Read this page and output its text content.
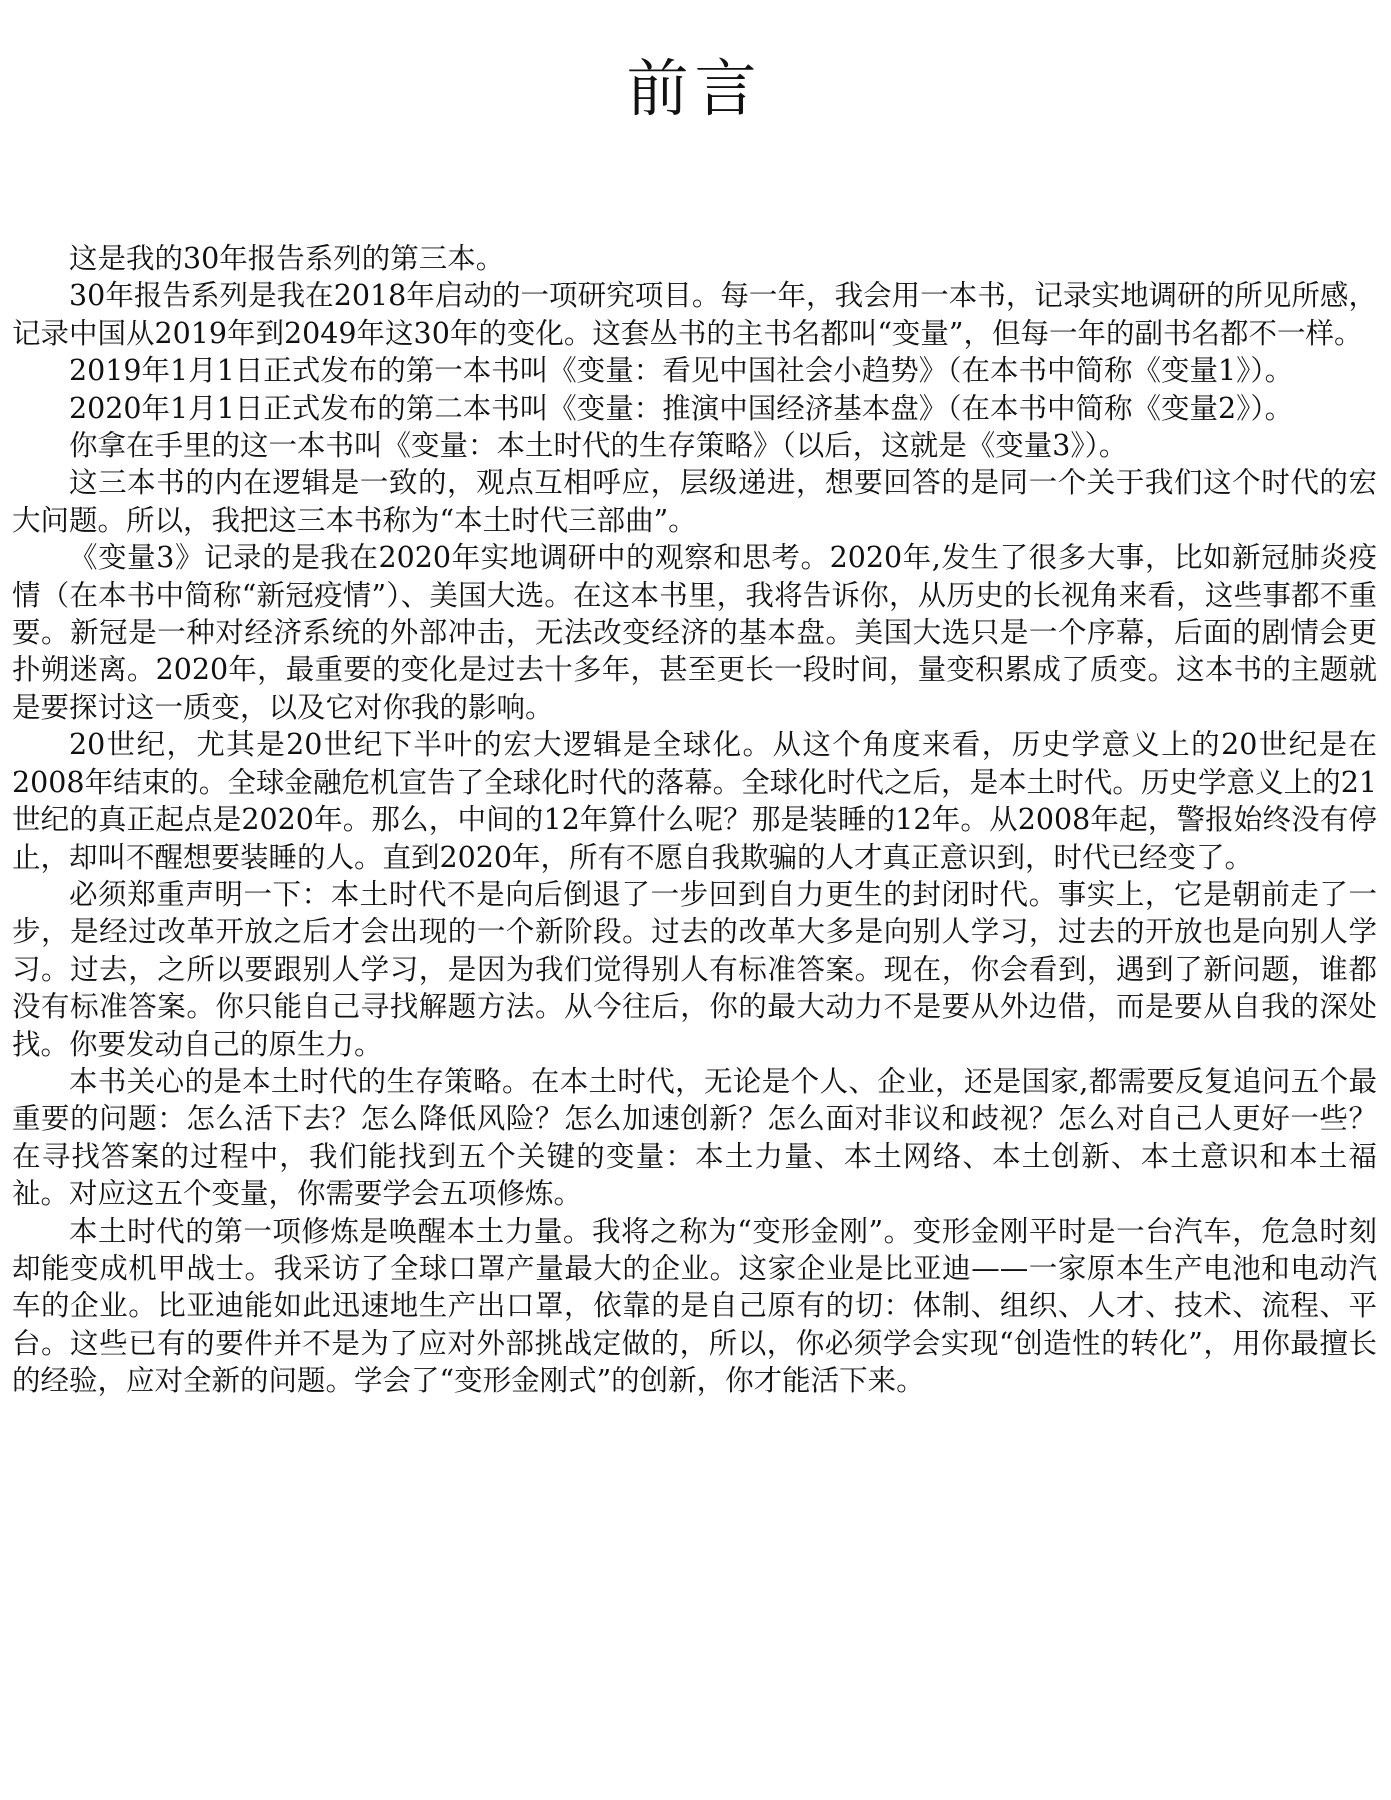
前言

这是我的30年报告系列的第三本。

30年报告系列是我在2018年启动的一项研究项目。每一年，我会用一本书，记录实地调研的所见所感，记录中国从2019年到2049年这30年的变化。这套丛书的主书名都叫“变量”，但每一年的副书名都不一样。

2019年1月1日正式发布的第一本书叫《变量：看见中国社会小趋势》（在本书中简称《变量1》）。

2020年1月1日正式发布的第二本书叫《变量：推演中国经济基本盘》（在本书中简称《变量2》）。

你拿在手里的这一本书叫《变量：本土时代的生存策略》（以后，这就是《变量3》）。

这三本书的内在逻辑是一致的，观点互相呼应，层级递进，想要回答的是同一个关于我们这个时代的宏大问题。所以，我把这三本书称为“本土时代三部曲”。

《变量3》记录的是我在2020年实地调研中的观察和思考。2020年,发生了很多大事，比如新冠肺炎疫情（在本书中简称“新冠疫情”）、美国大选。在这本书里，我将告诉你，从历史的长视角来看，这些事都不重要。新冠是一种对经济系统的外部冲击，无法改变经济的基本盘。美国大选只是一个序幕，后面的剧情会更扑朔迷离。2020年，最重要的变化是过去十多年，甚至更长一段时间，量变积累成了质变。这本书的主题就是要探讨这一质变，以及它对你我的影响。

20世纪，尤其是20世纪下半叶的宏大逻辑是全球化。从这个角度来看，历史学意义上的20世纪是在2008年结束的。全球金融危机宣告了全球化时代的落幕。全球化时代之后，是本土时代。历史学意义上的21世纪的真正起点是2020年。那么，中间的12年算什么呢？那是装睡的12年。从2008年起，警报始终没有停止，却叫不醒想要装睡的人。直到2020年，所有不愿自我欺骗的人才真正意识到，时代已经变了。

必须郑重声明一下：本土时代不是向后倒退了一步回到自力更生的封闭时代。事实上，它是朝前走了一步，是经过改革开放之后才会出现的一个新阶段。过去的改革大多是向别人学习，过去的开放也是向别人学习。过去，之所以要跟别人学习，是因为我们觉得别人有标准答案。现在，你会看到，遇到了新问题，谁都没有标准答案。你只能自己寻找解题方法。从今往后，你的最大动力不是要从外边借，而是要从自我的深处找。你要发动自己的原生力。

本书关心的是本土时代的生存策略。在本土时代，无论是个人、企业，还是国家,都需要反复追问五个最重要的问题：怎么活下去？怎么降低风险？怎么加速创新？怎么面对非议和歧视？怎么对自己人更好一些？在寻找答案的过程中，我们能找到五个关键的变量：本土力量、本土网络、本土创新、本土意识和本土福祉。对应这五个变量，你需要学会五项修炼。

本土时代的第一项修炼是唤醒本土力量。我将之称为“变形金刚”。变形金刚平时是一台汽车，危急时刻却能变成机甲战士。我采访了全球口罩产量最大的企业。这家企业是比亚迪——一家原本生产电池和电动汽车的企业。比亚迪能如此迅速地生产出口罩，依靠的是自己原有的切：体制、组织、人才、技术、流程、平台。这些已有的要件并不是为了应对外部挑战定做的，所以，你必须学会实现“创造性的转化”，用你最擅长的经验，应对全新的问题。学会了“变形金刚式”的创新，你才能活下来。
